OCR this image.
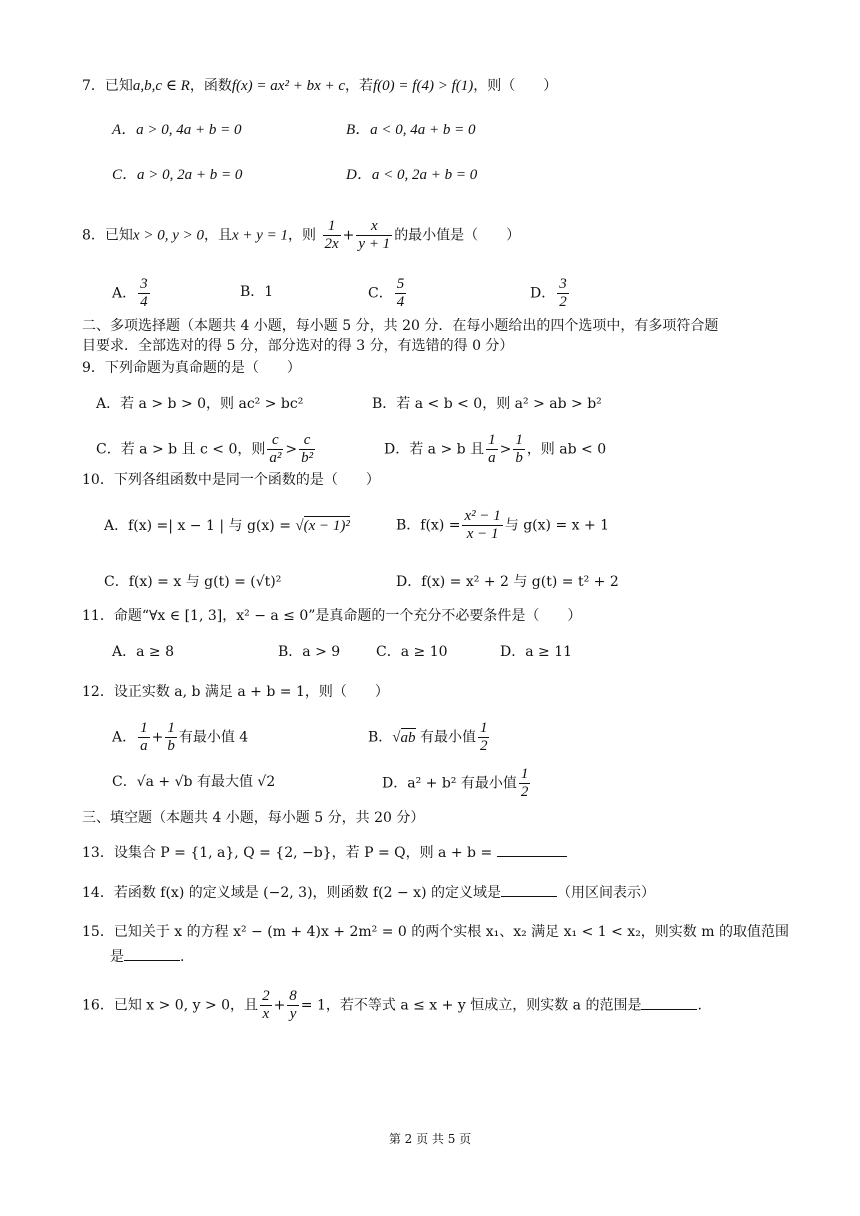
7．已知a,b,c ∈ R，函数f(x) = ax² + bx + c，若f(0) = f(4) > f(1)，则（　　）
A．a > 0, 4a + b = 0	B．a < 0, 4a + b = 0
C．a > 0, 2a + b = 0	D．a < 0, 2a + b = 0
8．已知x > 0, y > 0，且x + y = 1，则 $\frac{1}{2x} + \frac{x}{y + 1}$ 的最小值是（　　）
A． $\frac{3}{4}$	B．1	C． $\frac{5}{4}$	D． $\frac{3}{2}$
二、多项选择题（本题共 4 小题，每小题 5 分，共 20 分．在每小题给出的四个选项中，有多项符合题
目要求．全部选对的得 5 分，部分选对的得 3 分，有选错的得 0 分）
9．下列命题为真命题的是（　　）
A．若 a > b > 0，则 ac² > bc²	B．若 a < b < 0，则 a² > ab > b²
C．若 a > b 且 c < 0，则 $\frac{c}{\text{a²}} > \frac{c}{\text{b²}}$	D．若 a > b 且 $\frac{1}{a} > \frac{1}{b}$ ，则 ab < 0
10．下列各组函数中是同一个函数的是（　　）
A．f(x) =| x − 1 | 与 g(x) = √(x − 1)²	B．$f(x) = \frac{\text{x² − 1}}{x - 1}$ 与 g(x) = x + 1
C．f(x) = x 与 g(t) = (√t)²	D．f(x) = x² + 2 与 g(t) = t² + 2
11．命题“∀x ∈ [1, 3]，x² − a ≤ 0”是真命题的一个充分不必要条件是（　　）
A．a ≥ 8	B．a > 9	C．a ≥ 10	D．a ≥ 11
12．设正实数 a, b 满足 a + b = 1，则（　　）
A． $\frac{1}{a} + \frac{1}{b}$ 有最小值 4	B．√ab 有最小值 $\frac{1}{2}$
C．√a + √b 有最大值 √2	D．a² + b² 有最小值 $\frac{1}{2}$
三、填空题（本题共 4 小题，每小题 5 分，共 20 分）
13．设集合 P = {1, a}, Q = {2, −b}，若 P = Q，则 a + b =
14．若函数 f(x) 的定义域是 (−2, 3)，则函数 f(2 − x) 的定义域是	（用区间表示）
15．已知关于 x 的方程 x² − (m + 4)x + 2m² = 0 的两个实根 x₁、x₂ 满足 x₁ < 1 < x₂，则实数 m 的取值范围
是	.
16．已知 x > 0, y > 0，且 $\frac{2}{x} + \frac{8}{y} = 1$，若不等式 a ≤ x + y 恒成立，则实数 a 的范围是	.
第 2 页 共 5 页
